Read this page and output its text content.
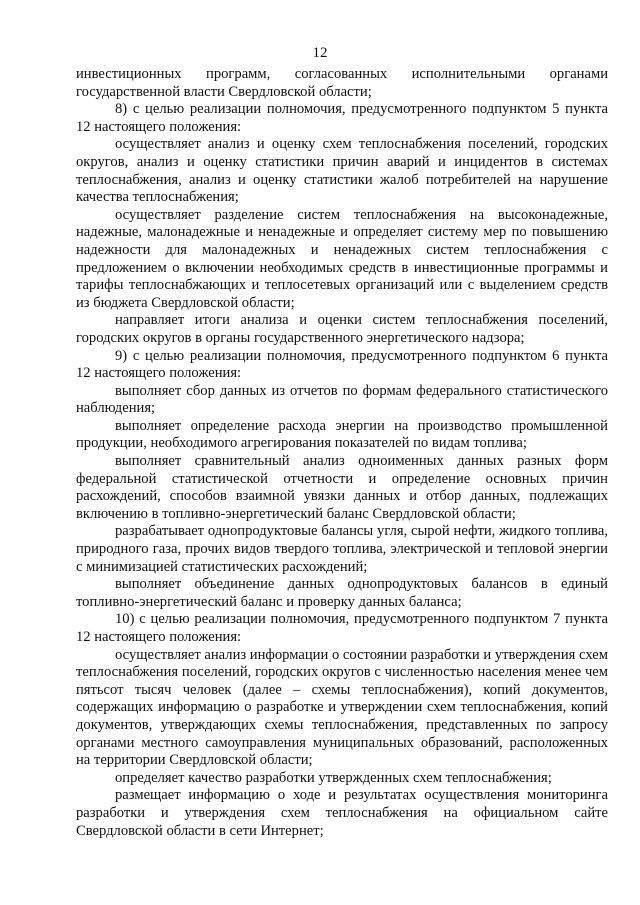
12

инвестиционных программ, согласованных исполнительными органами государственной власти Свердловской области;

8) с целью реализации полномочия, предусмотренного подпунктом 5 пункта 12 настоящего положения:

осуществляет анализ и оценку схем теплоснабжения поселений, городских округов, анализ и оценку статистики причин аварий и инцидентов в системах теплоснабжения, анализ и оценку статистики жалоб потребителей на нарушение качества теплоснабжения;

осуществляет разделение систем теплоснабжения на высоконадежные, надежные, малонадежные и ненадежные и определяет систему мер по повышению надежности для малонадежных и ненадежных систем теплоснабжения с предложением о включении необходимых средств в инвестиционные программы и тарифы теплоснабжающих и теплосетевых организаций или с выделением средств из бюджета Свердловской области;

направляет итоги анализа и оценки систем теплоснабжения поселений, городских округов в органы государственного энергетического надзора;

9) с целью реализации полномочия, предусмотренного подпунктом 6 пункта 12 настоящего положения:

выполняет сбор данных из отчетов по формам федерального статистического наблюдения;

выполняет определение расхода энергии на производство промышленной продукции, необходимого агрегирования показателей по видам топлива;

выполняет сравнительный анализ одноименных данных разных форм федеральной статистической отчетности и определение основных причин расхождений, способов взаимной увязки данных и отбор данных, подлежащих включению в топливно-энергетический баланс Свердловской области;

разрабатывает однопродуктовые балансы угля, сырой нефти, жидкого топлива, природного газа, прочих видов твердого топлива, электрической и тепловой энергии с минимизацией статистических расхождений;

выполняет объединение данных однопродуктовых балансов в единый топливно-энергетический баланс и проверку данных баланса;

10) с целью реализации полномочия, предусмотренного подпунктом 7 пункта 12 настоящего положения:

осуществляет анализ информации о состоянии разработки и утверждения схем теплоснабжения поселений, городских округов с численностью населения менее чем пятьсот тысяч человек (далее – схемы теплоснабжения), копий документов, содержащих информацию о разработке и утверждении схем теплоснабжения, копий документов, утверждающих схемы теплоснабжения, представленных по запросу органами местного самоуправления муниципальных образований, расположенных на территории Свердловской области;

определяет качество разработки утвержденных схем теплоснабжения;

размещает информацию о ходе и результатах осуществления мониторинга разработки и утверждения схем теплоснабжения на официальном сайте Свердловской области в сети Интернет;
